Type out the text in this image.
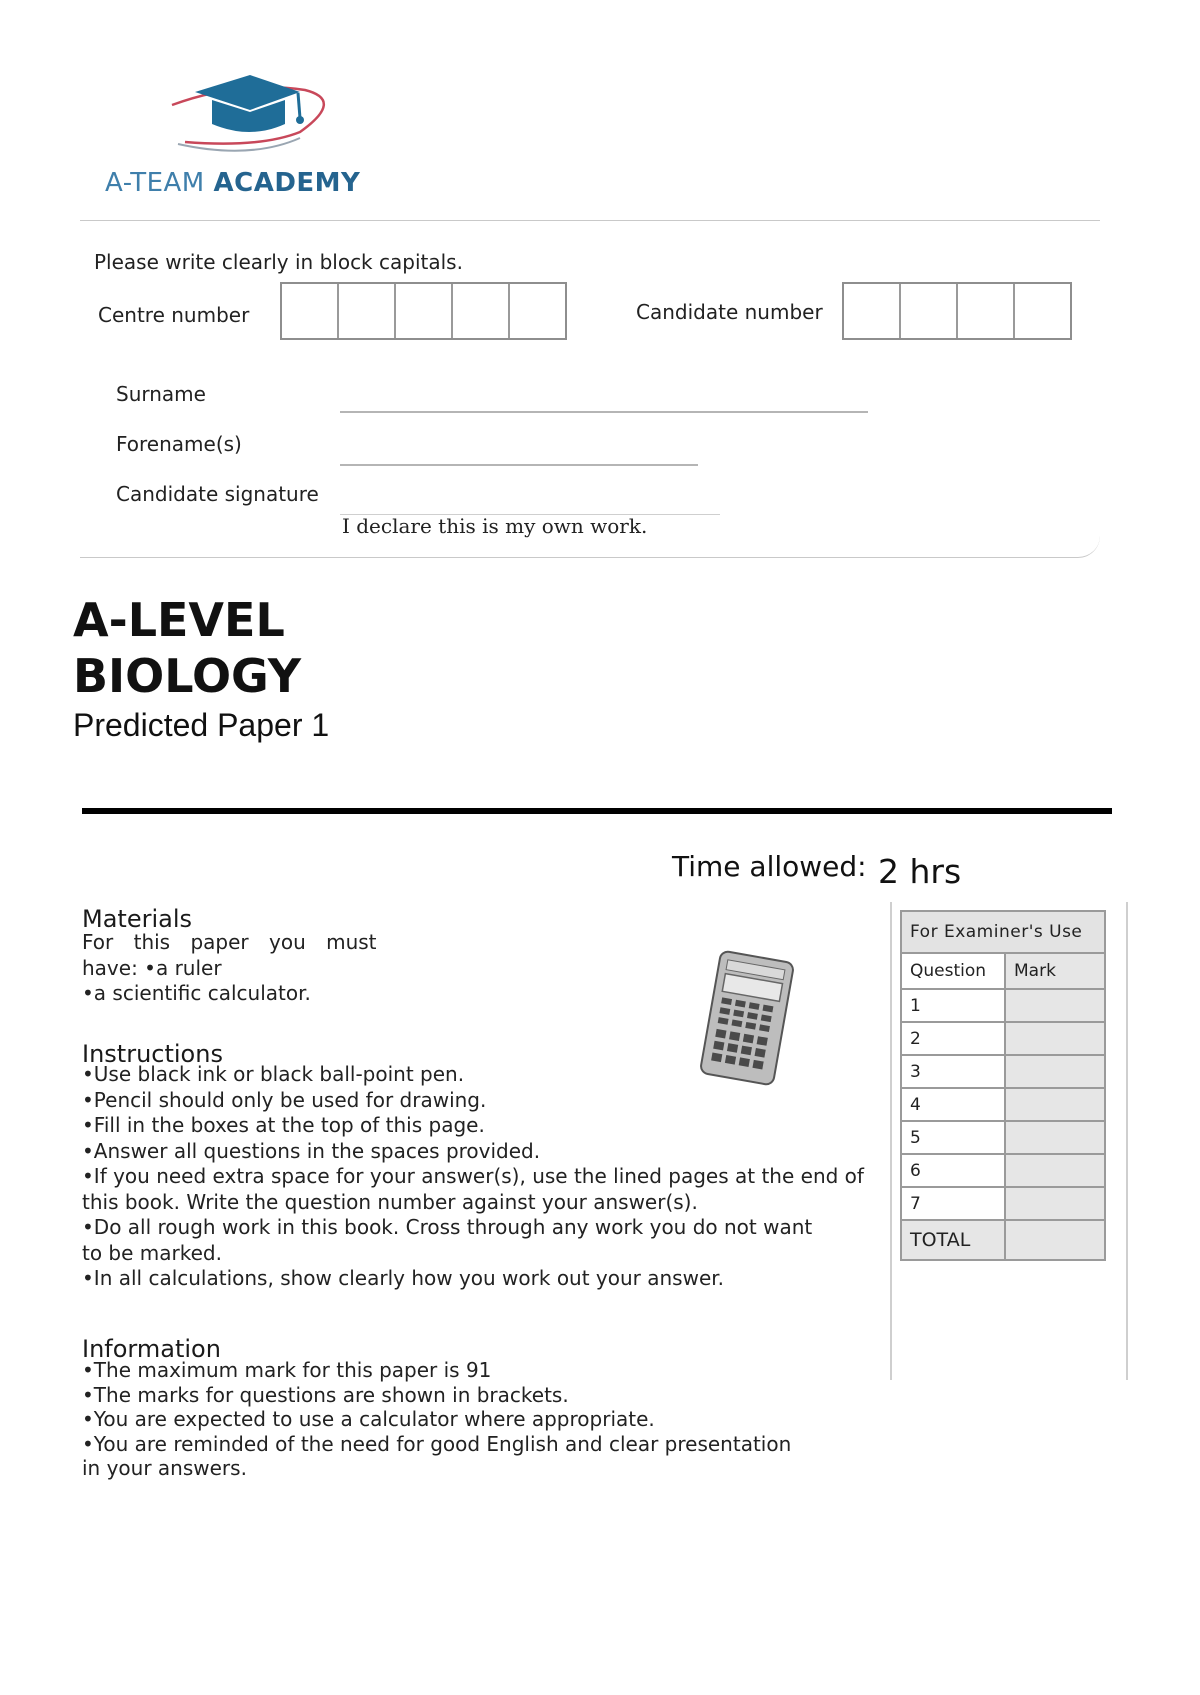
A-TEAM ACADEMY
Please write clearly in block capitals.
Centre number	Candidate number
Surname
Forename(s)
Candidate signature
I declare this is my own work.
A-LEVEL
BIOLOGY
Predicted Paper 1
Time allowed: 2 hrs
Materials
For this paper you must
have: •a ruler
•a scientific calculator.
Instructions
•Use black ink or black ball-point pen.
•Pencil should only be used for drawing.
•Fill in the boxes at the top of this page.
•Answer all questions in the spaces provided.
•If you need extra space for your answer(s), use the lined pages at the end of
this book. Write the question number against your answer(s).
•Do all rough work in this book. Cross through any work you do not want
to be marked.
•In all calculations, show clearly how you work out your answer.
Information
•The maximum mark for this paper is 91
•The marks for questions are shown in brackets.
•You are expected to use a calculator where appropriate.
•You are reminded of the need for good English and clear presentation
in your answers.
For Examiner's Use	
Question	Mark
1	
2	
3	
4	
5	
6	
7	
TOTAL	
